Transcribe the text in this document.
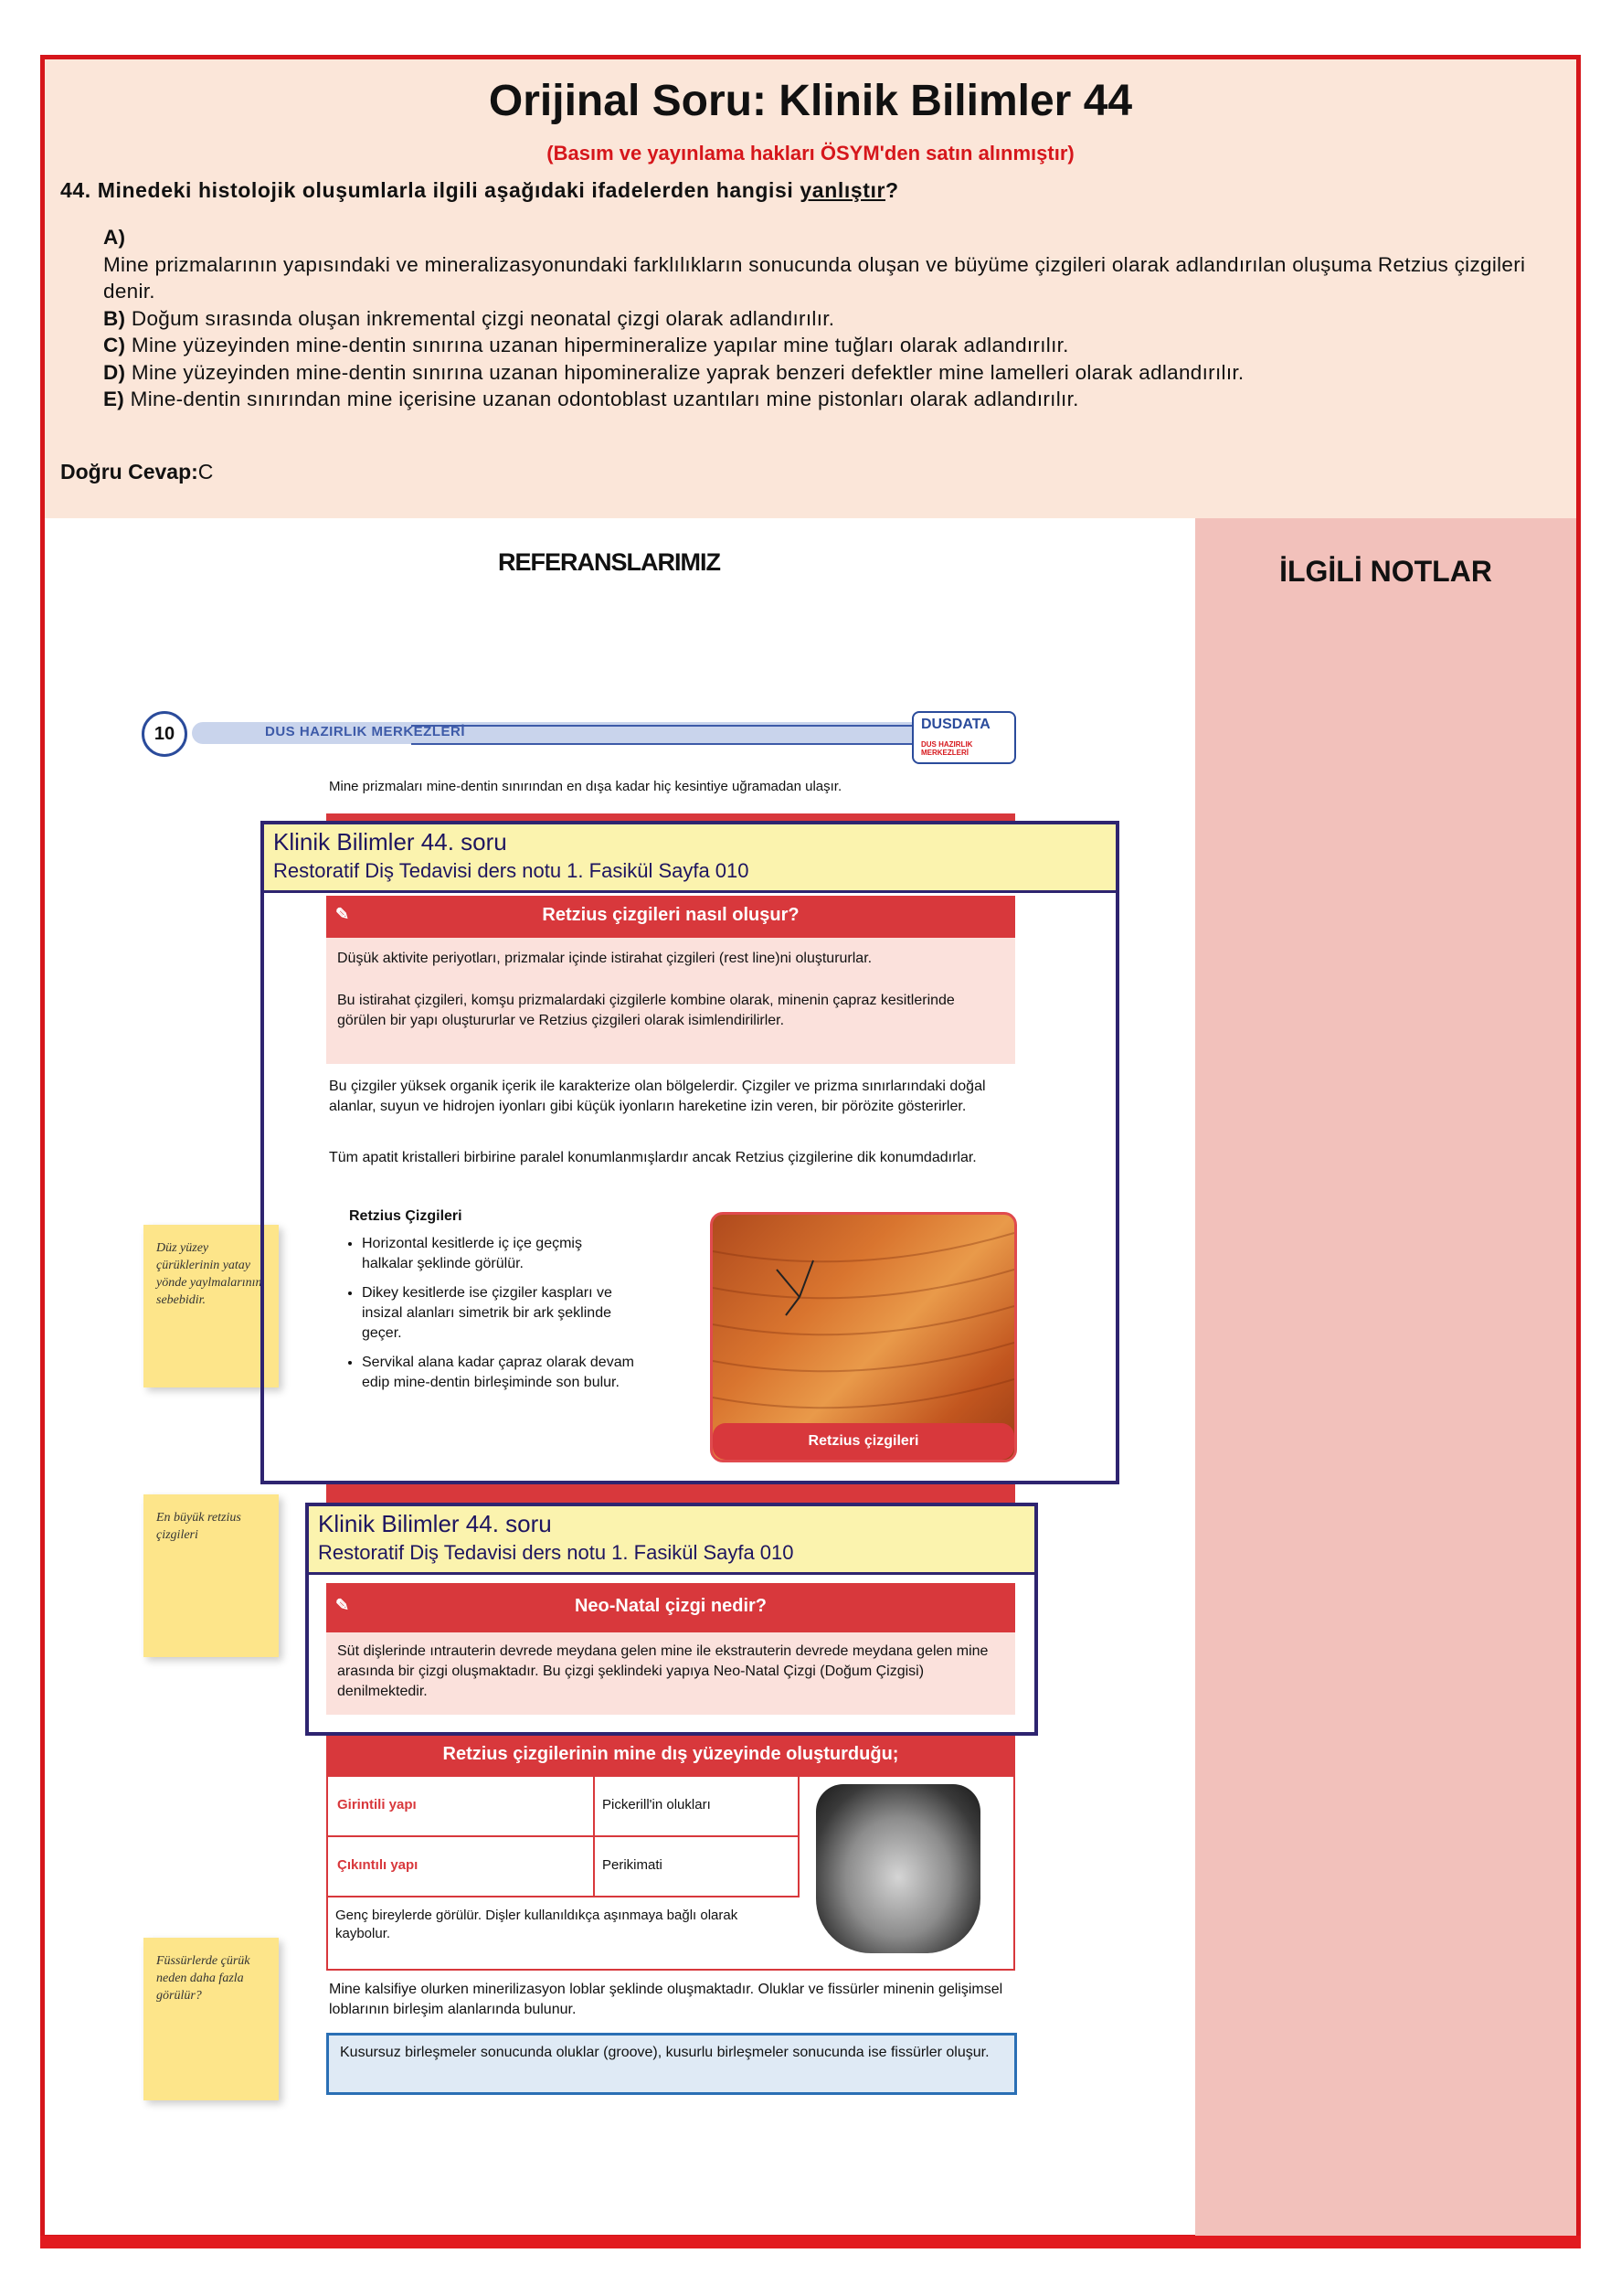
Orijinal Soru: Klinik Bilimler 44
(Basım ve yayınlama hakları ÖSYM'den satın alınmıştır)
44. Minedeki histolojik oluşumlarla ilgili aşağıdaki ifadelerden hangisi yanlıştır?
A)
Mine prizmalarının yapısındaki ve mineralizasyonundaki farklılıkların sonucunda oluşan ve büyüme çizgileri olarak adlandırılan oluşuma Retzius çizgileri denir.
B) Doğum sırasında oluşan inkremental çizgi neonatal çizgi olarak adlandırılır.
C) Mine yüzeyinden mine-dentin sınırına uzanan hipermineralize yapılar mine tuğları olarak adlandırılır.
D) Mine yüzeyinden mine-dentin sınırına uzanan hipomineralize yaprak benzeri defektler mine lamelleri olarak adlandırılır.
E) Mine-dentin sınırından mine içerisine uzanan odontoblast uzantıları mine pistonları olarak adlandırılır.
Doğru Cevap:C
İLGİLİ NOTLAR
REFERANSLARIMIZ
DUS HAZIRLIK MERKEZLERİ
10	DUSDATA
DUS HAZIRLIK MERKEZLERİ
Mine prizmaları mine-dentin sınırından en dışa kadar hiç kesintiye uğramadan ulaşır.
✎	Retzius çizgileri nasıl oluşur?
Düşük aktivite periyotları, prizmalar içinde istirahat çizgileri (rest line)ni oluştururlar.
Bu istirahat çizgileri, komşu prizmalardaki çizgilerle kombine olarak, minenin çapraz kesitlerinde görülen bir yapı oluştururlar ve Retzius çizgileri olarak isimlendirilirler.
Bu çizgiler yüksek organik içerik ile karakterize olan bölgelerdir. Çizgiler ve prizma sınırlarındaki doğal alanlar, suyun ve hidrojen iyonları gibi küçük iyonların hareketine izin veren, bir pörözite gösterirler.
Tüm apatit kristalleri birbirine paralel konumlanmışlardır ancak Retzius çizgilerine dik konumdadırlar.
Retzius Çizgileri
• Horizontal kesitlerde iç içe geçmiş halkalar şeklinde görülür.
• Dikey kesitlerde ise çizgiler kaspları ve insizal alanları simetrik bir ark şeklinde geçer.
• Servikal alana kadar çapraz olarak devam edip mine-dentin birleşiminde son bulur.
Retzius çizgileri
✎	Neo-Natal çizgi nedir?
Süt dişlerinde ıntrauterin devrede meydana gelen mine ile ekstrauterin devrede meydana gelen mine arasında bir çizgi oluşmaktadır. Bu çizgi şeklindeki yapıya Neo-Natal Çizgi (Doğum Çizgisi) denilmektedir.
Retzius çizgilerinin mine dış yüzeyinde oluşturduğu;
Girintili yapı	Pickerill'in olukları
Çıkıntılı yapı	Perikimati
Genç bireylerde görülür. Dişler kullanıldıkça aşınmaya bağlı olarak kaybolur.
Mine kalsifiye olurken minerilizasyon loblar şeklinde oluşmaktadır. Oluklar ve fissürler minenin gelişimsel loblarının birleşim alanlarında bulunur.
Kusursuz birleşmeler sonucunda oluklar (groove), kusurlu birleşmeler sonucunda ise fissürler oluşur.
Düz yüzey çürüklerinin yatay yönde yaylmalarının sebebidir.
En büyük retzius çizgileri
Füssürlerde çürük neden daha fazla görülür?
Klinik Bilimler 44. soru
Restoratif Diş Tedavisi ders notu 1. Fasikül Sayfa 010
Klinik Bilimler 44. soru
Restoratif Diş Tedavisi ders notu 1. Fasikül Sayfa 010
